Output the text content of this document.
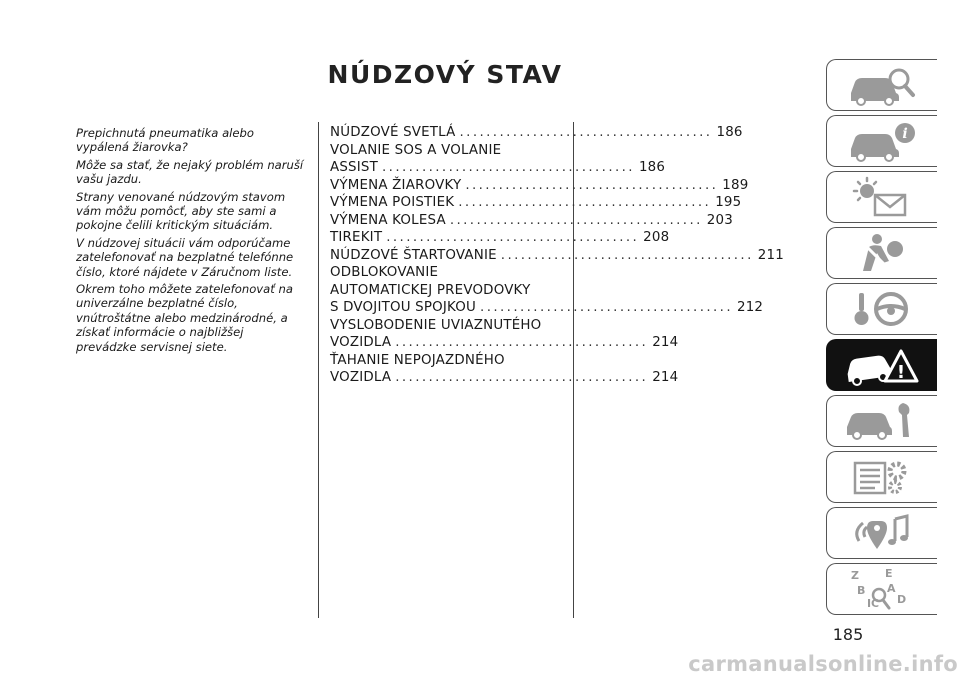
NÚDZOVÝ STAV

Prepichnutá pneumatika alebo vypálená žiarovka?

Môže sa stať, že nejaký problém naruší vašu jazdu.

Strany venované núdzovým stavom vám môžu pomôcť, aby ste sami a pokojne čelili kritickým situáciám.

V núdzovej situácii vám odporúčame zatelefonovať na bezplatné telefónne číslo, ktoré nájdete v Záručnom liste.

Okrem toho môžete zatelefonovať na univerzálne bezplatné číslo, vnútroštátne alebo medzinárodné, a získať informácie o najbližšej prevádzke servisnej siete.

NÚDZOVÉ SVETLÁ ...................................... 186
VOLANIE SOS A VOLANIE
ASSIST ...................................... 186
VÝMENA ŽIAROVKY ...................................... 189
VÝMENA POISTIEK ...................................... 195
VÝMENA KOLESA ...................................... 203
TIREKIT ...................................... 208
NÚDZOVÉ ŠTARTOVANIE ...................................... 211
ODBLOKOVANIE
AUTOMATICKEJ PREVODOVKY
S DVOJITOU SPOJKOU ...................................... 212
VYSLOBODENIE UVIAZNUTÉHO
VOZIDLA ...................................... 214
ŤAHANIE NEPOJAZDNÉHO
VOZIDLA ...................................... 214
i
!
Z E
B A
I C D
185
carmanualsonline.info
